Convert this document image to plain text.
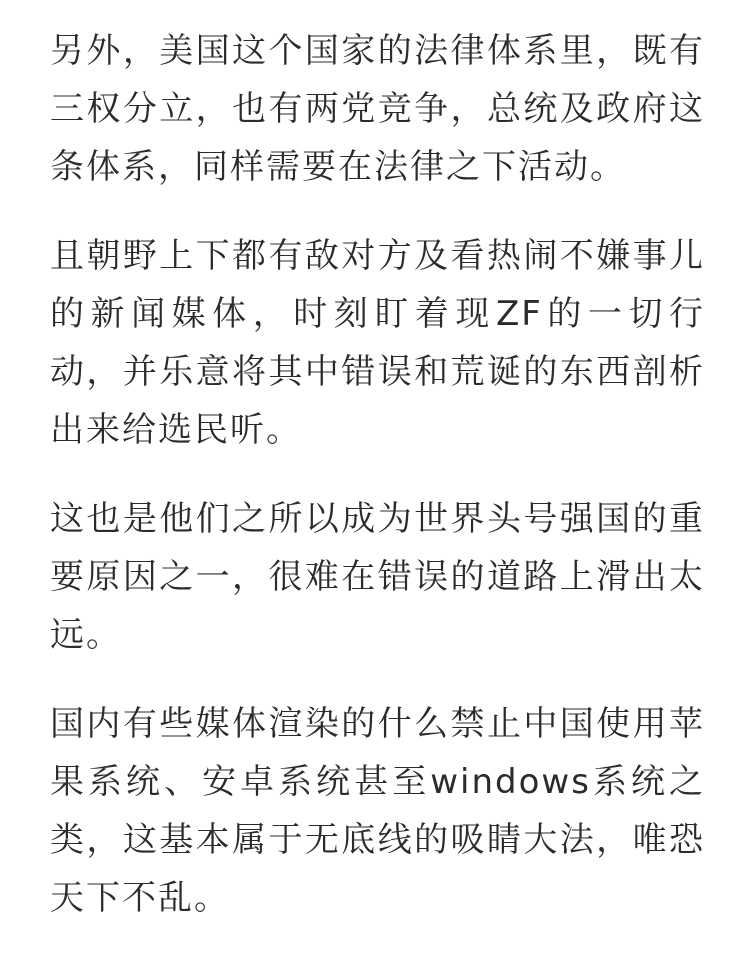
另外，美国这个国家的法律体系里，既有
三权分立，也有两党竞争，总统及政府这
条体系，同样需要在法律之下活动。
且朝野上下都有敌对方及看热闹不嫌事儿
的新闻媒体，时刻盯着现ZF的一切行
动，并乐意将其中错误和荒诞的东西剖析
出来给选民听。
这也是他们之所以成为世界头号强国的重
要原因之一，很难在错误的道路上滑出太
远。
国内有些媒体渲染的什么禁止中国使用苹
果系统、安卓系统甚至windows系统之
类，这基本属于无底线的吸睛大法，唯恐
天下不乱。
